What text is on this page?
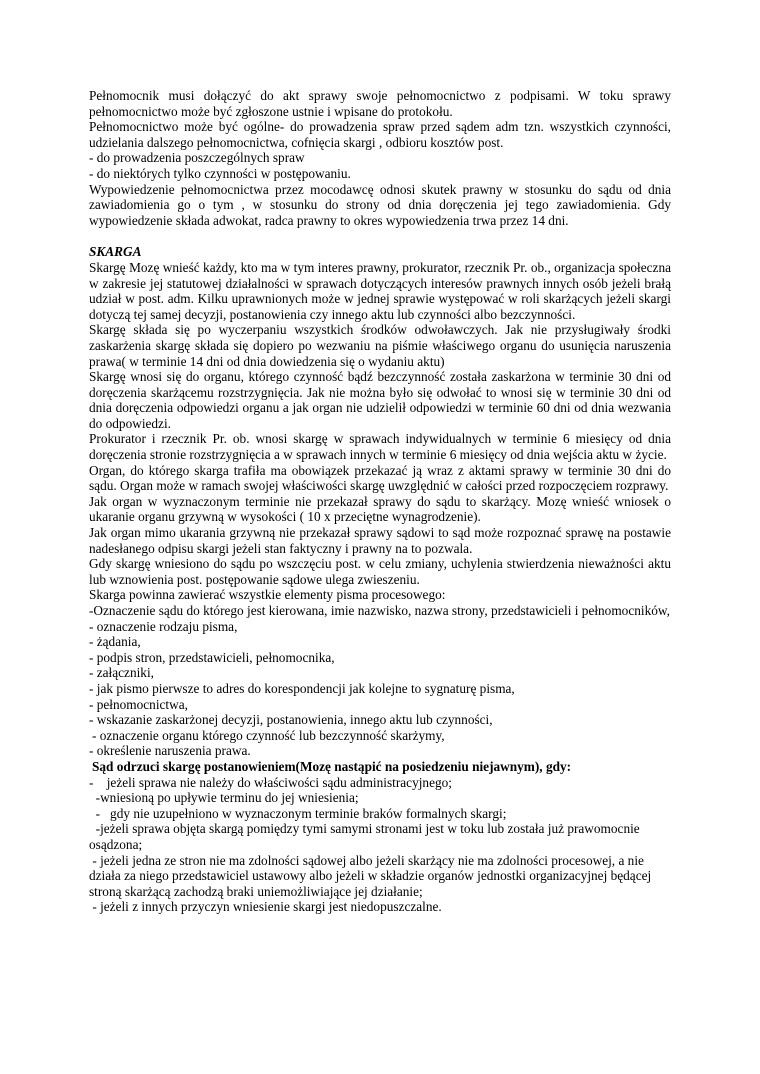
Pełnomocnik musi dołączyć do akt sprawy swoje pełnomocnictwo z podpisami. W toku sprawy pełnomocnictwo może być zgłoszone ustnie i wpisane do protokołu.

Pełnomocnictwo może być ogólne- do prowadzenia spraw przed sądem adm tzn. wszystkich czynności, udzielania dalszego pełnomocnictwa, cofnięcia skargi , odbioru kosztów post.

- do prowadzenia poszczególnych spraw

- do niektórych tylko czynności w postępowaniu.

Wypowiedzenie pełnomocnictwa przez mocodawcę odnosi skutek prawny w stosunku do sądu od dnia zawiadomienia go o tym , w stosunku do strony od dnia doręczenia jej tego zawiadomienia. Gdy wypowiedzenie składa adwokat, radca prawny to okres wypowiedzenia trwa przez 14 dni.

SKARGA

Skargę Mozę wnieść każdy, kto ma w tym interes prawny, prokurator, rzecznik Pr. ob., organizacja społeczna w zakresie jej statutowej działalności w sprawach dotyczących interesów prawnych innych osób jeżeli brałą udział w post. adm. Kilku uprawnionych może w jednej sprawie występować w roli skarżących jeżeli skargi dotyczą tej samej decyzji, postanowienia czy innego aktu lub czynności albo bezczynności.

Skargę składa się po wyczerpaniu wszystkich środków odwoławczych. Jak nie przysługiwały środki zaskarżenia skargę składa się dopiero po wezwaniu na piśmie właściwego organu do usunięcia naruszenia prawa( w terminie 14 dni od dnia dowiedzenia się o wydaniu aktu)

Skargę wnosi się do organu, którego czynność bądź bezczynność została zaskarżona w terminie 30 dni od doręczenia skarżącemu rozstrzygnięcia. Jak nie można było się odwołać to wnosi się w terminie 30 dni od dnia doręczenia odpowiedzi organu a jak organ nie udzielił odpowiedzi w terminie 60 dni od dnia wezwania do odpowiedzi.

Prokurator i rzecznik Pr. ob. wnosi skargę w sprawach indywidualnych w terminie 6 miesięcy od dnia doręczenia stronie rozstrzygnięcia a w sprawach innych w terminie 6 miesięcy od dnia wejścia aktu w życie.

Organ, do którego skarga trafiła ma obowiązek przekazać ją wraz z aktami sprawy w terminie 30 dni do sądu. Organ może w ramach swojej właściwości skargę uwzględnić w całości przed rozpoczęciem rozprawy.

Jak organ w wyznaczonym terminie nie przekazał sprawy do sądu to skarżący. Mozę wnieść wniosek o ukaranie organu grzywną w wysokości ( 10 x przeciętne wynagrodzenie).

Jak organ mimo ukarania grzywną nie przekazał sprawy sądowi to sąd może rozpoznać sprawę na postawie nadesłanego odpisu skargi jeżeli stan faktyczny i prawny na to pozwala.

Gdy skargę wniesiono do sądu po wszczęciu post. w celu zmiany, uchylenia stwierdzenia nieważności aktu lub wznowienia post. postępowanie sądowe ulega zwieszeniu.

Skarga powinna zawierać wszystkie elementy pisma procesowego:

-Oznaczenie sądu do którego jest kierowana, imie nazwisko, nazwa strony, przedstawicieli i pełnomocników,

- oznaczenie rodzaju pisma,

- żądania,

- podpis stron, przedstawicieli, pełnomocnika,

- załączniki,

- jak pismo pierwsze to adres do korespondencji jak kolejne to sygnaturę pisma,

- pełnomocnictwa,

- wskazanie zaskarżonej decyzji, postanowienia, innego aktu lub czynności,

- oznaczenie organu którego czynność lub bezczynność skarżymy,

- określenie naruszenia prawa.

Sąd odrzuci skargę postanowieniem(Mozę nastąpić na posiedzeniu niejawnym), gdy:

-    jeżeli sprawa nie należy do właściwości sądu administracyjnego;

-wniesioną po upływie terminu do jej wniesienia;

-   gdy nie uzupełniono w wyznaczonym terminie braków formalnych skargi;

-jeżeli sprawa objęta skargą pomiędzy tymi samymi stronami jest w toku lub została już prawomocnie osądzona;

- jeżeli jedna ze stron nie ma zdolności sądowej albo jeżeli skarżący nie ma zdolności procesowej, a nie działa za niego przedstawiciel ustawowy albo jeżeli w składzie organów jednostki organizacyjnej będącej stroną skarżącą zachodzą braki uniemożliwiające jej działanie;

- jeżeli z innych przyczyn wniesienie skargi jest niedopuszczalne.
